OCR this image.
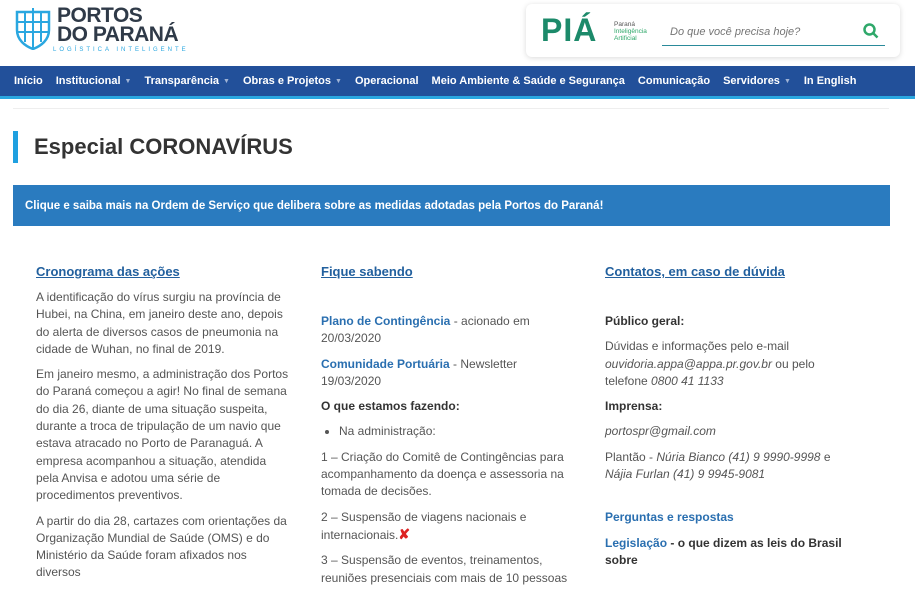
PORTOS
DO PARANÁ
LOGÍSTICA INTELIGENTE
PIÁ	Paraná
Inteligência
Artificial
Do que você precisa hoje?
Início Institucional ▼ Transparência ▼ Obras e Projetos ▼ Operacional Meio Ambiente & Saúde e Segurança Comunicação Servidores ▼ In English
Especial CORONAVÍRUS
Clique e saiba mais na Ordem de Serviço que delibera sobre as medidas adotadas pela Portos do Paraná!
Cronograma das ações

A identificação do vírus surgiu na província de Hubei, na China, em janeiro deste ano, depois do alerta de diversos casos de pneumonia na cidade de Wuhan, no final de 2019.

Em janeiro mesmo, a administração dos Portos do Paraná começou a agir! No final de semana do dia 26, diante de uma situação suspeita, durante a troca de tripulação de um navio que estava atracado no Porto de Paranaguá. A empresa acompanhou a situação, atendida pela Anvisa e adotou uma série de procedimentos preventivos.

A partir do dia 28, cartazes com orientações da Organização Mundial de Saúde (OMS) e do Ministério da Saúde foram afixados nos diversos

Fique sabendo

Plano de Contingência - acionado em 20/03/2020

Comunidade Portuária - Newsletter 19/03/2020

O que estamos fazendo:

• Na administração:

1 – Criação do Comitê de Contingências para acompanhamento da doença e assessoria na tomada de decisões.

2 – Suspensão de viagens nacionais e internacionais.✘

3 – Suspensão de eventos, treinamentos, reuniões presenciais com mais de 10 pessoas

Contatos, em caso de dúvida

Público geral:

Dúvidas e informações pelo e-mail ouvidoria.appa@appa.pr.gov.br ou pelo telefone 0800 41 1133

Imprensa:

portospr@gmail.com

Plantão - Núria Bianco (41) 9 9990-9998 e Nájia Furlan (41) 9 9945-9081

Perguntas e respostas

Legislação - o que dizem as leis do Brasil sobre
